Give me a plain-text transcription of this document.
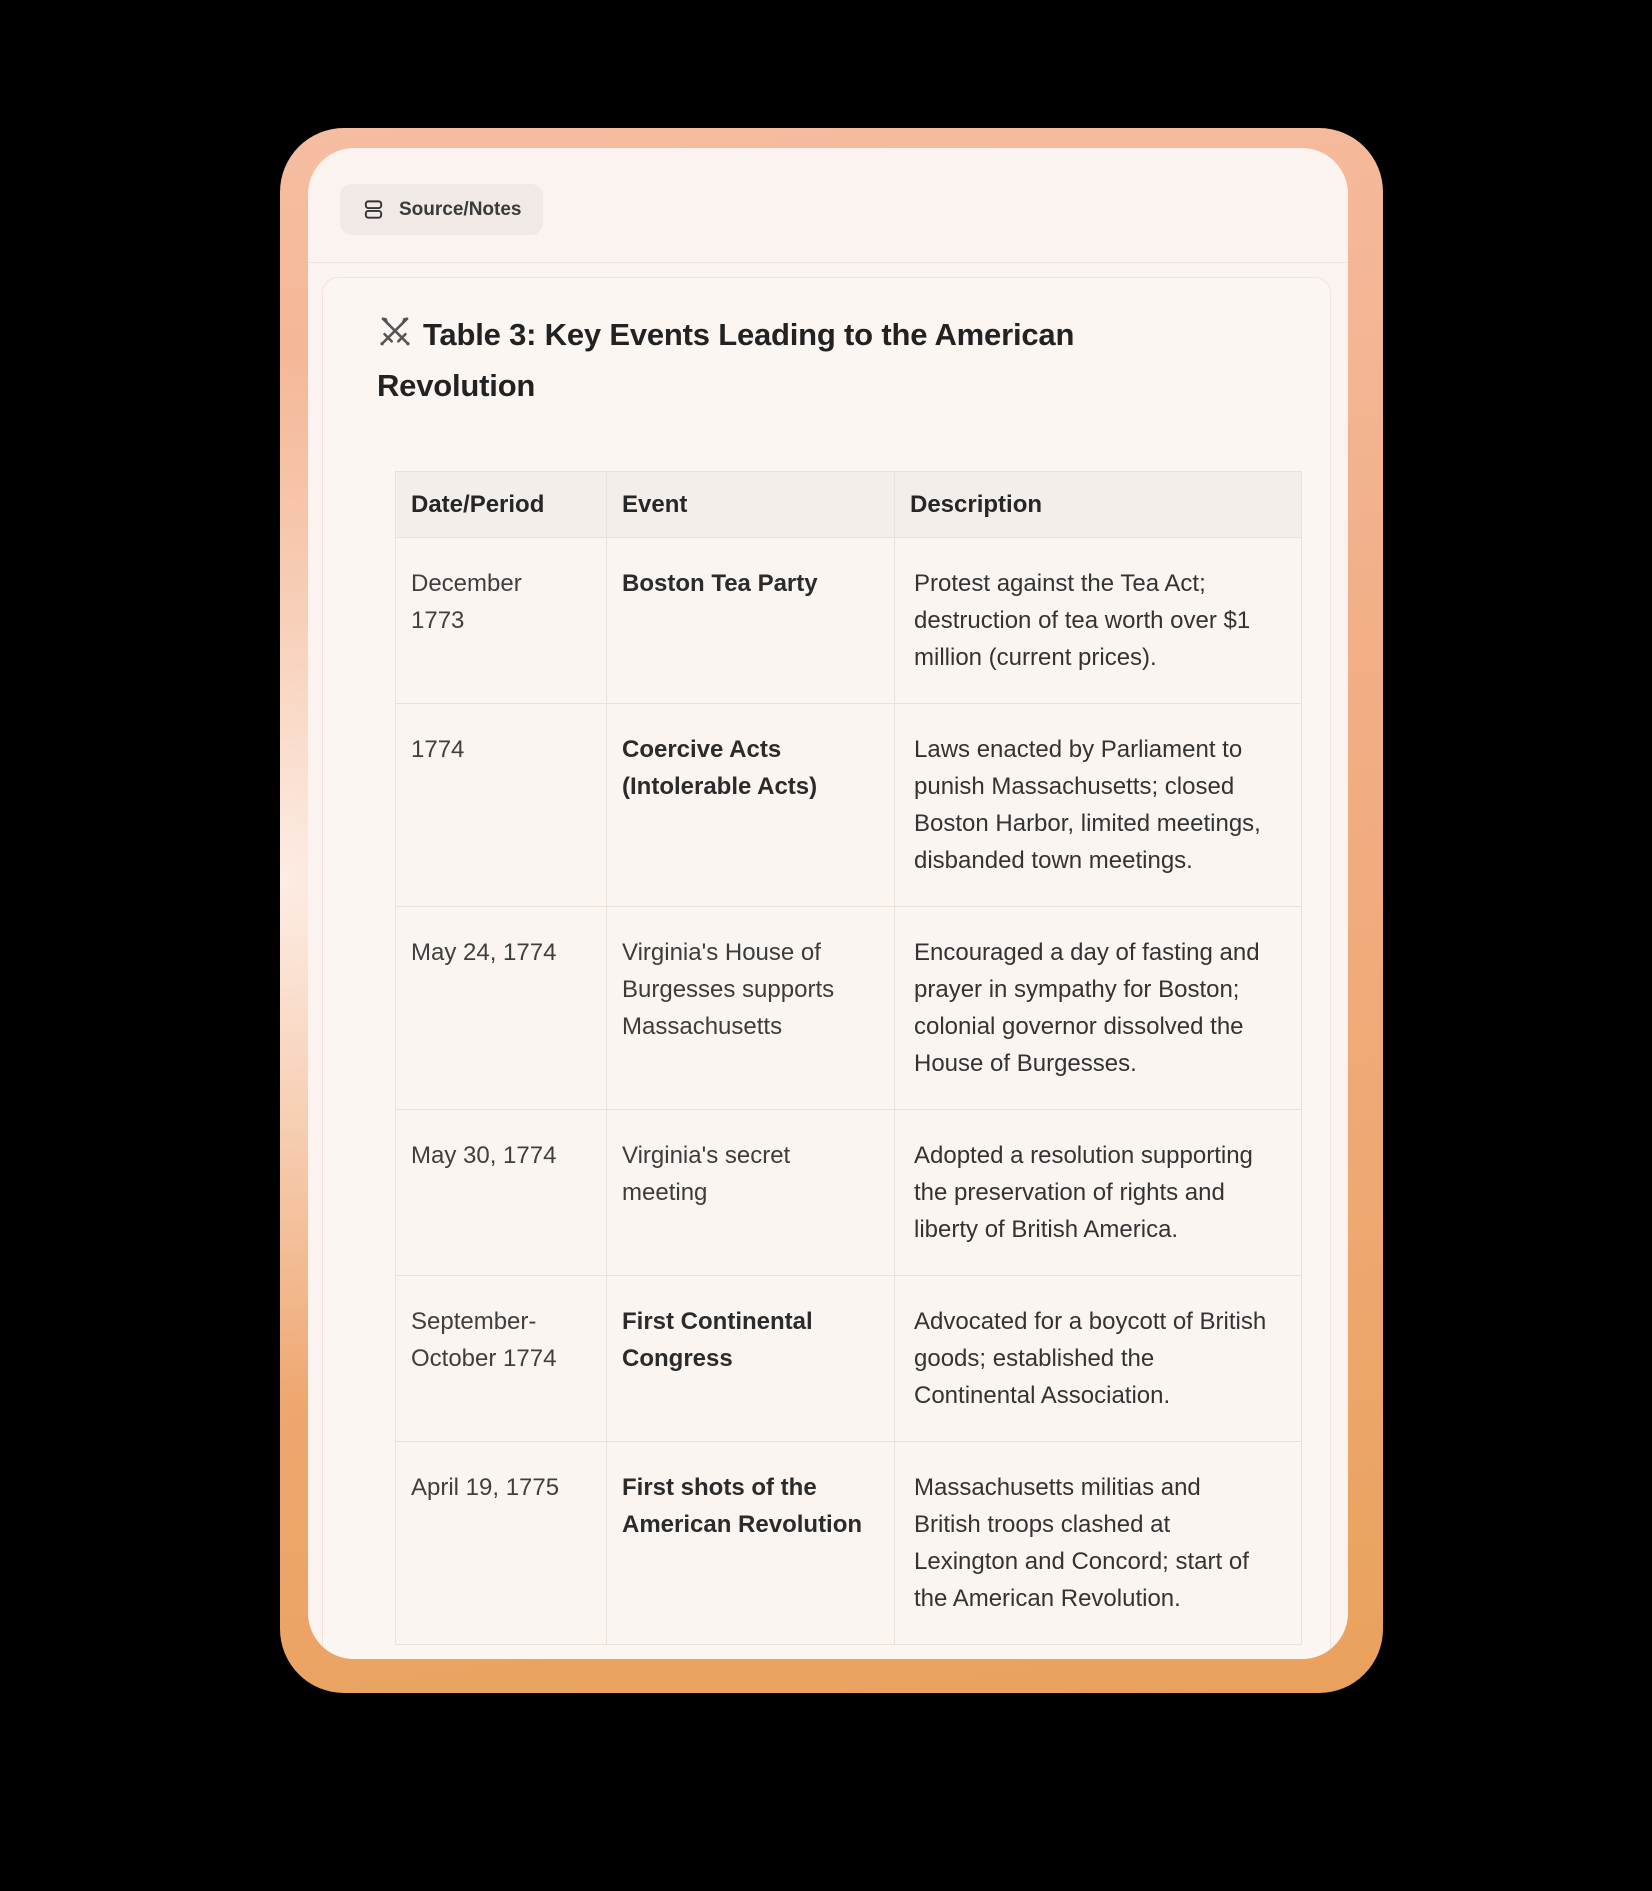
Source/Notes
Table 3: Key Events Leading to the American Revolution
Date/Period	Event	Description
December 1773	Boston Tea Party	Protest against the Tea Act; destruction of tea worth over $1 million (current prices).
1774	Coercive Acts (Intolerable Acts)	Laws enacted by Parliament to punish Massachusetts; closed Boston Harbor, limited meetings, disbanded town meetings.
May 24, 1774	Virginia's House of Burgesses supports Massachusetts	Encouraged a day of fasting and prayer in sympathy for Boston; colonial governor dissolved the House of Burgesses.
May 30, 1774	Virginia's secret meeting	Adopted a resolution supporting the preservation of rights and liberty of British America.
September-October 1774	First Continental Congress	Advocated for a boycott of British goods; established the Continental Association.
April 19, 1775	First shots of the American Revolution	Massachusetts militias and British troops clashed at Lexington and Concord; start of the American Revolution.
